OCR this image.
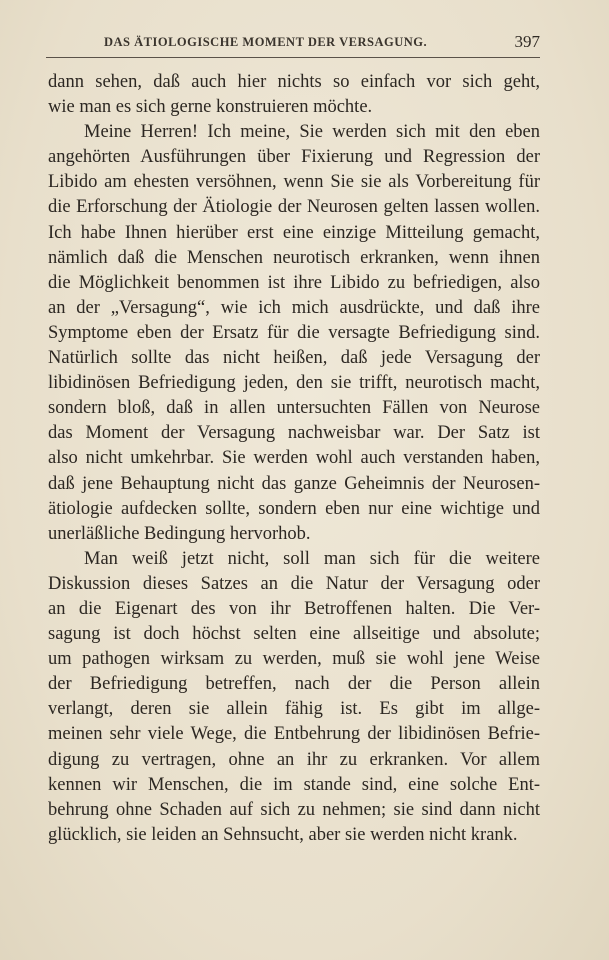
DAS ÄTIOLOGISCHE MOMENT DER VERSAGUNG.	397

dann sehen, daß auch hier nichts so einfach vor sich geht,
wie man es sich gerne konstruieren möchte.

Meine Herren! Ich meine, Sie werden sich mit den eben
angehörten Ausführungen über Fixierung und Regression der
Libido am ehesten versöhnen, wenn Sie sie als Vorbereitung für
die Erforschung der Ätiologie der Neurosen gelten lassen wollen.
Ich habe Ihnen hierüber erst eine einzige Mitteilung gemacht,
nämlich daß die Menschen neurotisch erkranken, wenn ihnen
die Möglichkeit benommen ist ihre Libido zu befriedigen, also
an der „Versagung“, wie ich mich ausdrückte, und daß ihre
Symptome eben der Ersatz für die versagte Befriedigung sind.
Natürlich sollte das nicht heißen, daß jede Versagung der
libidinösen Befriedigung jeden, den sie trifft, neurotisch macht,
sondern bloß, daß in allen untersuchten Fällen von Neurose
das Moment der Versagung nachweisbar war. Der Satz ist
also nicht umkehrbar. Sie werden wohl auch verstanden haben,
daß jene Behauptung nicht das ganze Geheimnis der Neurosen-
ätiologie aufdecken sollte, sondern eben nur eine wichtige und
unerläßliche Bedingung hervorhob.

Man weiß jetzt nicht, soll man sich für die weitere
Diskussion dieses Satzes an die Natur der Versagung oder
an die Eigenart des von ihr Betroffenen halten. Die Ver-
sagung ist doch höchst selten eine allseitige und absolute;
um pathogen wirksam zu werden, muß sie wohl jene Weise
der Befriedigung betreffen, nach der die Person allein
verlangt, deren sie allein fähig ist. Es gibt im allge-
meinen sehr viele Wege, die Entbehrung der libidinösen Befrie-
digung zu vertragen, ohne an ihr zu erkranken. Vor allem
kennen wir Menschen, die im stande sind, eine solche Ent-
behrung ohne Schaden auf sich zu nehmen; sie sind dann nicht
glücklich, sie leiden an Sehnsucht, aber sie werden nicht krank.
